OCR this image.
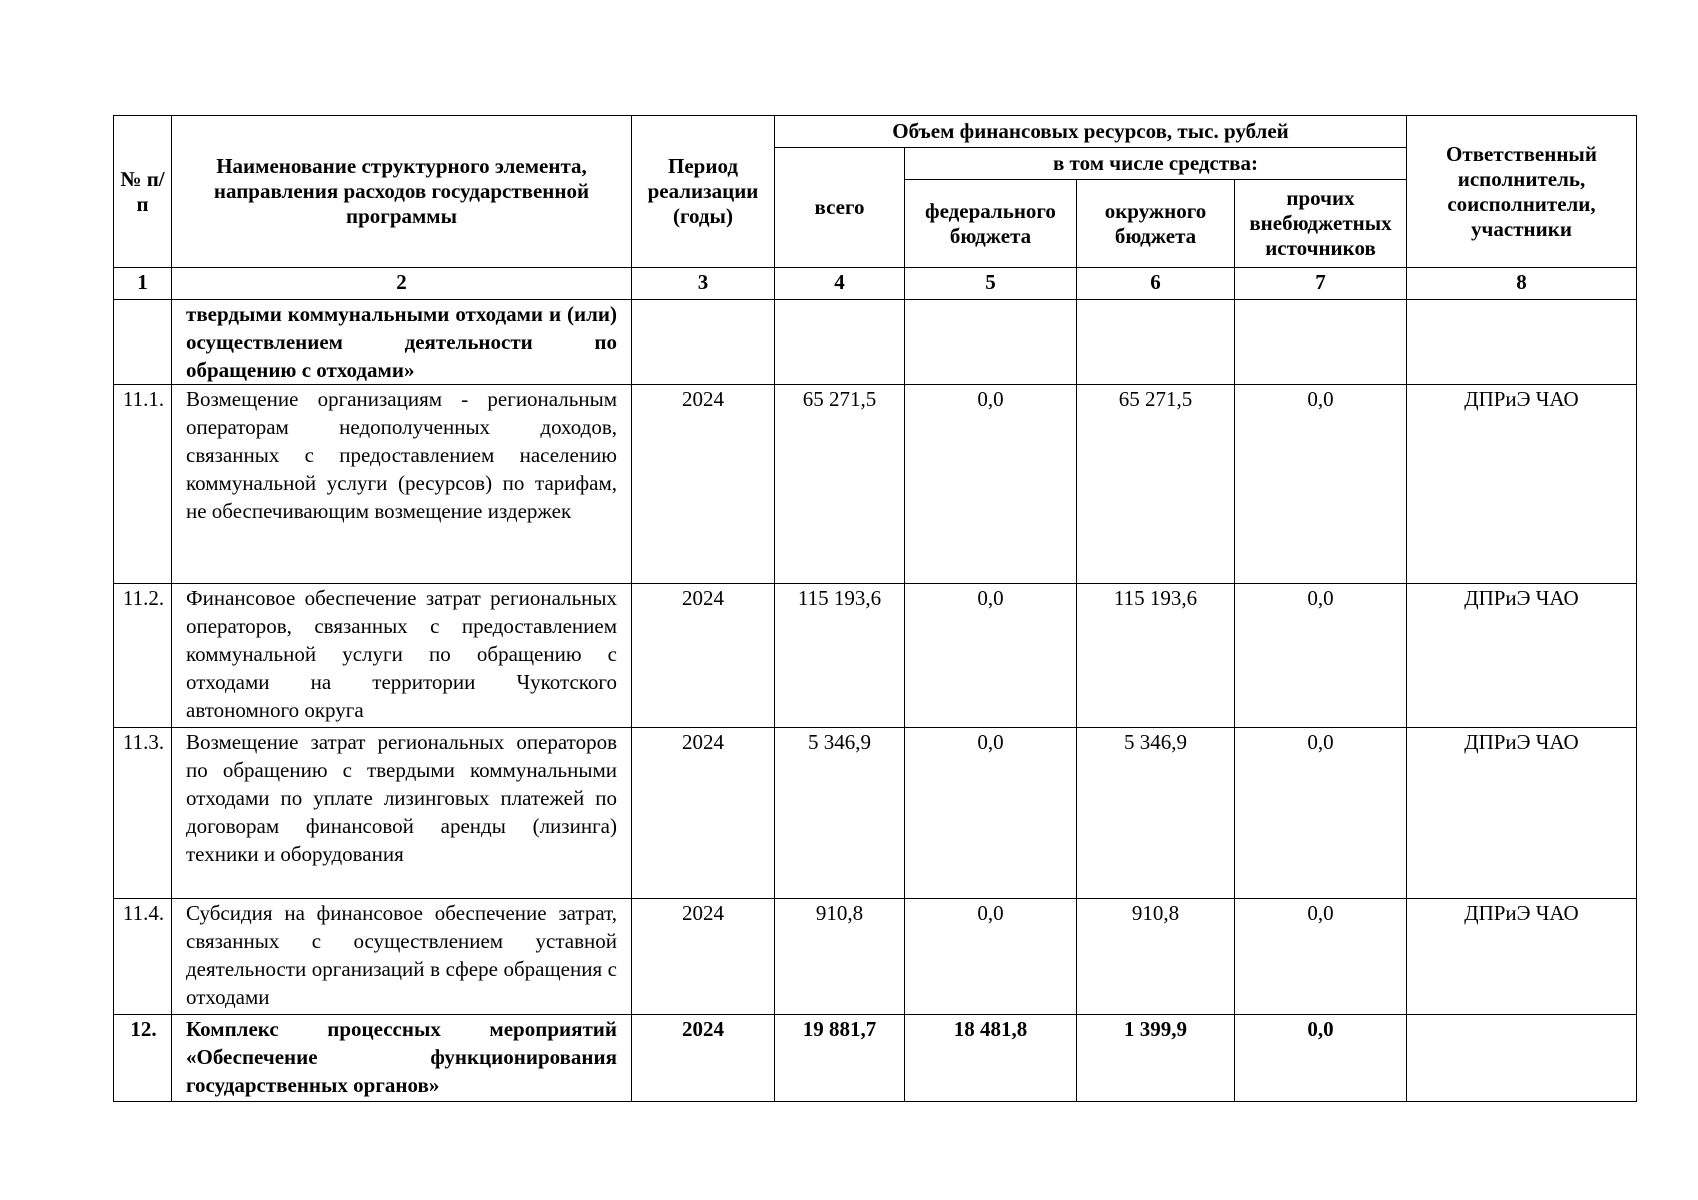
№ п/п	Наименование структурного элемента, направления расходов государственной программы	Период реализации (годы)	Объем финансовых ресурсов, тыс. рублей				Ответственный исполнитель, соисполнители, участники
			всего	в том числе средства:			
				федерального бюджета	окружного бюджета	прочих внебюджетных источников	
1	2	3	4	5	6	7	8
	твердыми коммунальными отходами и (или) осуществлением деятельности по обращению с отходами»						
11.1.	Возмещение организациям - региональным операторам недополученных доходов, связанных с предоставлением населению коммунальной услуги (ресурсов) по тарифам, не обеспечивающим возмещение издержек	2024	65 271,5	0,0	65 271,5	0,0	ДПРиЭ ЧАО
11.2.	Финансовое обеспечение затрат региональных операторов, связанных с предоставлением коммунальной услуги по обращению с отходами на территории Чукотского автономного округа	2024	115 193,6	0,0	115 193,6	0,0	ДПРиЭ ЧАО
11.3.	Возмещение затрат региональных операторов по обращению с твердыми коммунальными отходами по уплате лизинговых платежей по договорам финансовой аренды (лизинга) техники и оборудования	2024	5 346,9	0,0	5 346,9	0,0	ДПРиЭ ЧАО
11.4.	Субсидия на финансовое обеспечение затрат, связанных с осуществлением уставной деятельности организаций в сфере обращения с отходами	2024	910,8	0,0	910,8	0,0	ДПРиЭ ЧАО
12.	Комплекс процессных мероприятий «Обеспечение функционирования государственных органов»	2024	19 881,7	18 481,8	1 399,9	0,0	
